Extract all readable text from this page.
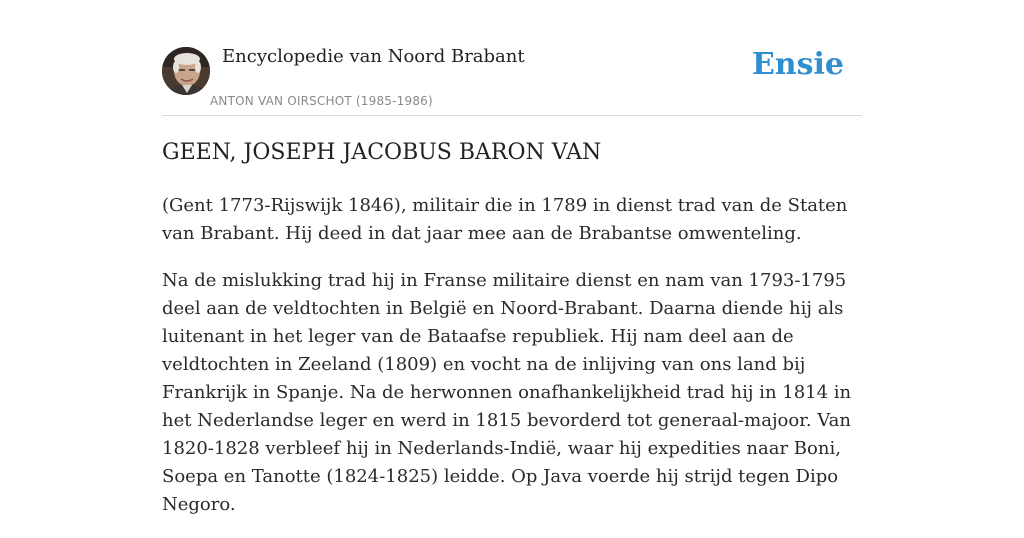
Encyclopedie van Noord Brabant
ANTON VAN OIRSCHOT (1985-1986)
Ensie
GEEN, JOSEPH JACOBUS BARON VAN

(Gent 1773-Rijswijk 1846), militair die in 1789 in dienst trad van de Staten van Brabant. Hij deed in dat jaar mee aan de Brabantse omwenteling.

Na de mislukking trad hij in Franse militaire dienst en nam van 1793-1795 deel aan de veldtochten in België en Noord-Brabant. Daarna diende hij als luitenant in het leger van de Bataafse republiek. Hij nam deel aan de veldtochten in Zeeland (1809) en vocht na de inlijving van ons land bij Frankrijk in Spanje. Na de herwonnen onafhankelijkheid trad hij in 1814 in het Nederlandse leger en werd in 1815 bevorderd tot generaal-majoor. Van 1820-1828 verbleef hij in Nederlands-Indië, waar hij expedities naar Boni, Soepa en Tanotte (1824-1825) leidde. Op Java voerde hij strijd tegen Dipo Negoro.
